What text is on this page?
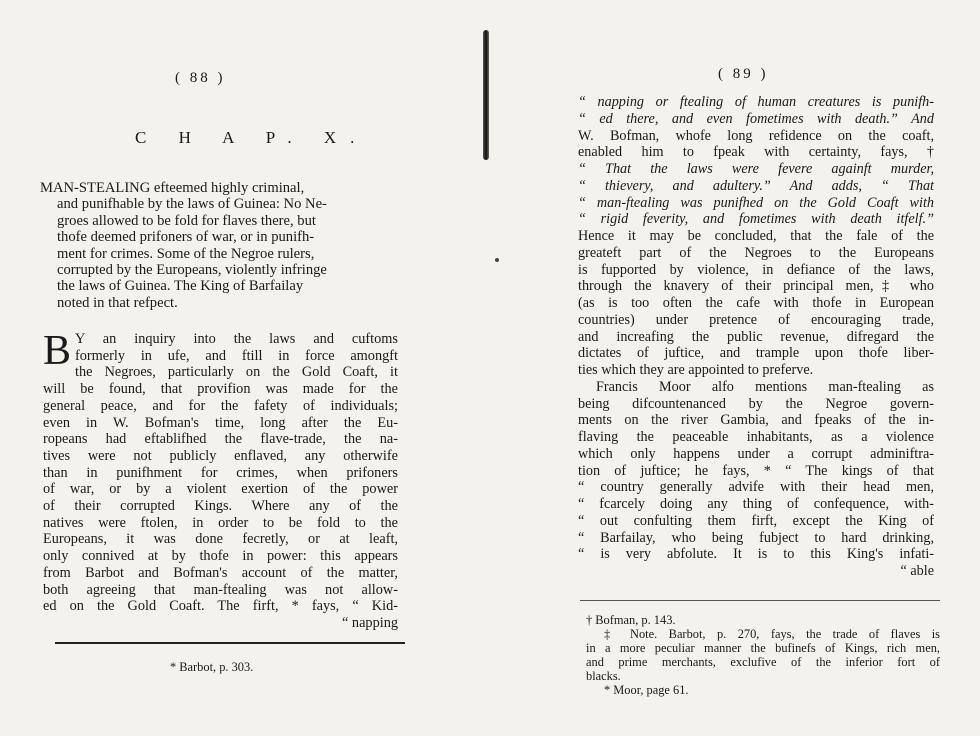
( 88 )
C H A P. X.
MAN-STEALING efteemed highly criminal,
and punifhable by the laws of Guinea: No Ne-
groes allowed to be fold for flaves there, but
thofe deemed prifoners of war, or in punifh-
ment for crimes. Some of the Negroe rulers,
corrupted by the Europeans, violently infringe
the laws of Guinea. The King of Barfailay
noted in that refpect.
B Y an inquiry into the laws and cuftoms
formerly in ufe, and ftill in force amongft
the Negroes, particularly on the Gold Coaft, it
will be found, that provifion was made for the
general peace, and for the fafety of individuals;
even in W. Bofman's time, long after the Eu-
ropeans had eftablifhed the flave-trade, the na-
tives were not publicly enflaved, any otherwife
than in punifhment for crimes, when prifoners
of war, or by a violent exertion of the power
of their corrupted Kings. Where any of the
natives were ftolen, in order to be fold to the
Europeans, it was done fecretly, or at leaft,
only connived at by thofe in power: this appears
from Barbot and Bofman's account of the matter,
both agreeing that man-ftealing was not allow-
ed on the Gold Coaft. The firft, * fays, “ Kid-
“ napping
* Barbot, p. 303.
( 89 )
“ napping or ftealing of human creatures is punifh-
“ ed there, and even fometimes with death.” And
W. Bofman, whofe long refidence on the coaft,
enabled him to fpeak with certainty, fays, †
“ That the laws were fevere againft murder,
“ thievery, and adultery.” And adds, “ That
“ man-ftealing was punifhed on the Gold Coaft with
“ rigid feverity, and fometimes with death itfelf.”
Hence it may be concluded, that the fale of the
greateft part of the Negroes to the Europeans
is fupported by violence, in defiance of the laws,
through the knavery of their principal men,‡ who
(as is too often the cafe with thofe in European
countries) under pretence of encouraging trade,
and increafing the public revenue, difregard the
dictates of juftice, and trample upon thofe liber-
ties which they are appointed to preferve.
Francis Moor alfo mentions man-ftealing as
being difcountenanced by the Negroe govern-
ments on the river Gambia, and fpeaks of the in-
flaving the peaceable inhabitants, as a violence
which only happens under a corrupt adminiftra-
tion of juftice; he fays, * “ The kings of that
“ country generally advife with their head men,
“ fcarcely doing any thing of confequence, with-
“ out confulting them firft, except the King of
“ Barfailay, who being fubject to hard drinking,
“ is very abfolute. It is to this King's infati-
“ able
† Bofman, p. 143.
‡ Note. Barbot, p. 270, fays, the trade of flaves is
in a more peculiar manner the bufinefs of Kings, rich men,
and prime merchants, exclufive of the inferior fort of
blacks.
* Moor, page 61.
